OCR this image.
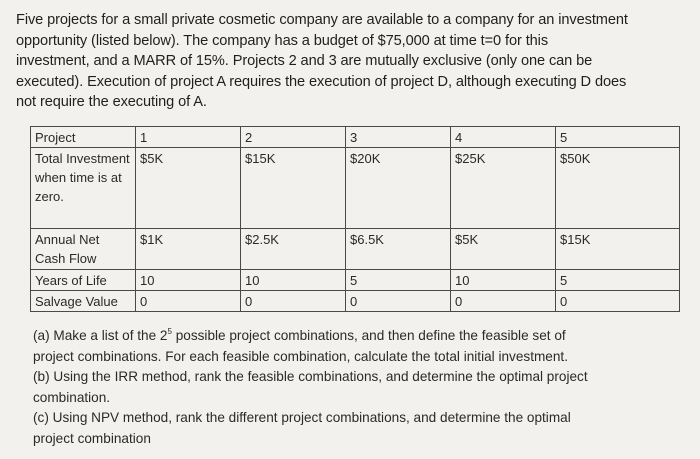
Five projects for a small private cosmetic company are available to a company for an investment

opportunity (listed below). The company has a budget of $75,000 at time t=0 for this

investment, and a MARR of 15%. Projects 2 and 3 are mutually exclusive (only one can be

executed). Execution of project A requires the execution of project D, although executing D does

not require the executing of A.

Project	1	2	3	4	5
Total Investment when time is at zero.	$5K	$15K	$20K	$25K	$50K
Annual Net Cash Flow	$1K	$2.5K	$6.5K	$5K	$15K
Years of Life	10	10	5	10	5
Salvage Value	0	0	0	0	0

(a) Make a list of the $2^5$ possible project combinations, and then define the feasible set of

project combinations. For each feasible combination, calculate the total initial investment.

(b) Using the IRR method, rank the feasible combinations, and determine the optimal project

combination.

(c) Using NPV method, rank the different project combinations, and determine the optimal

project combination
